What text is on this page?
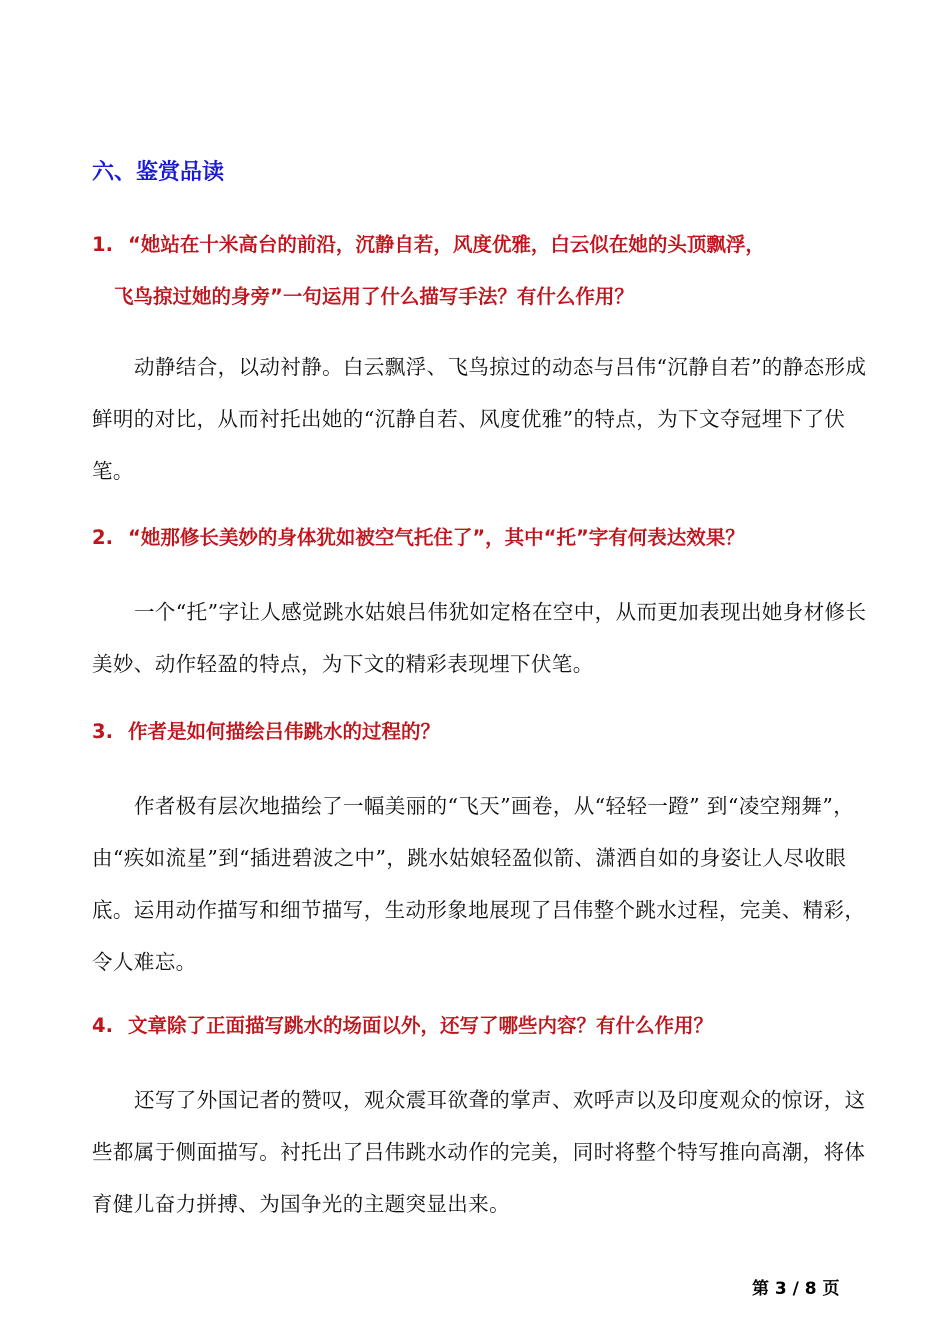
六、鉴赏品读
1. “她站在十米高台的前沿，沉静自若，风度优雅，白云似在她的头顶飘浮，
飞鸟掠过她的身旁”一句运用了什么描写手法？有什么作用？
动静结合，以动衬静。白云飘浮、飞鸟掠过的动态与吕伟“沉静自若”的静态形成鲜明的对比，从而衬托出她的“沉静自若、风度优雅”的特点，为下文夺冠埋下了伏笔。
2. “她那修长美妙的身体犹如被空气托住了”，其中“托”字有何表达效果？
一个“托”字让人感觉跳水姑娘吕伟犹如定格在空中，从而更加表现出她身材修长美妙、动作轻盈的特点，为下文的精彩表现埋下伏笔。
3. 作者是如何描绘吕伟跳水的过程的？
作者极有层次地描绘了一幅美丽的“飞天”画卷，从“轻轻一蹬” 到“凌空翔舞”，由“疾如流星”到“插进碧波之中”，跳水姑娘轻盈似箭、潇洒自如的身姿让人尽收眼底。运用动作描写和细节描写，生动形象地展现了吕伟整个跳水过程，完美、精彩，令人难忘。
4. 文章除了正面描写跳水的场面以外，还写了哪些内容？有什么作用？
还写了外国记者的赞叹，观众震耳欲聋的掌声、欢呼声以及印度观众的惊讶，这些都属于侧面描写。衬托出了吕伟跳水动作的完美，同时将整个特写推向高潮，将体育健儿奋力拼搏、为国争光的主题突显出来。
第 3 / 8 页
